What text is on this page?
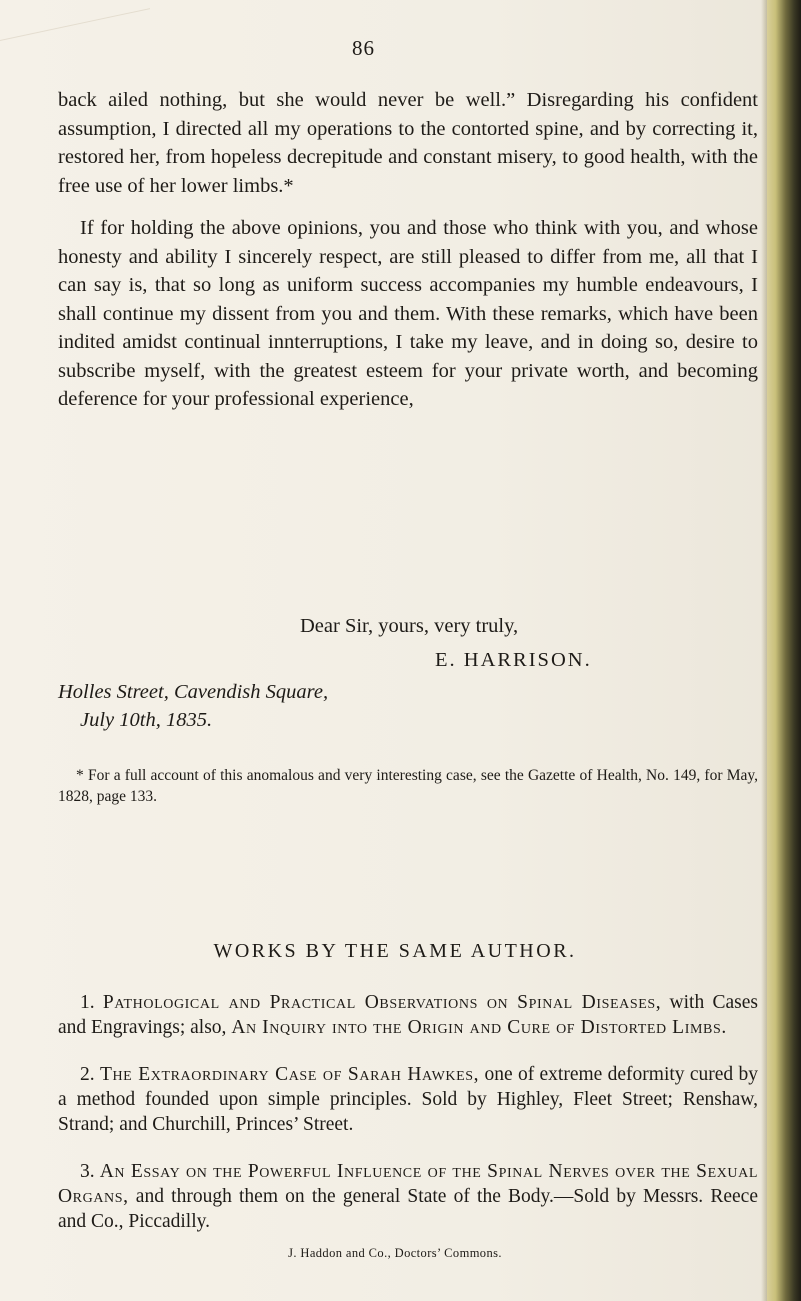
86

back ailed nothing, but she would never be well.” Disregarding his confident assumption, I directed all my operations to the contorted spine, and by correcting it, restored her, from hopeless decrepitude and constant misery, to good health, with the free use of her lower limbs.*

If for holding the above opinions, you and those who think with you, and whose honesty and ability I sincerely respect, are still pleased to differ from me, all that I can say is, that so long as uniform success accompanies my humble endeavours, I shall continue my dissent from you and them. With these remarks, which have been indited amidst continual innterruptions, I take my leave, and in doing so, desire to subscribe myself, with the greatest esteem for your private worth, and becoming deference for your professional experience,

Dear Sir, yours, very truly,
E. HARRISON.
Holles Street, Cavendish Square,
July 10th, 1835.
* For a full account of this anomalous and very interesting case, see the Gazette of Health, No. 149, for May, 1828, page 133.
WORKS BY THE SAME AUTHOR.

1. Pathological and Practical Observations on Spinal Diseases, with Cases and Engravings; also, An Inquiry into the Origin and Cure of Distorted Limbs.

2. The Extraordinary Case of Sarah Hawkes, one of extreme deformity cured by a method founded upon simple principles. Sold by Highley, Fleet Street; Renshaw, Strand; and Churchill, Princes’ Street.

3. An Essay on the Powerful Influence of the Spinal Nerves over the Sexual Organs, and through them on the general State of the Body.—Sold by Messrs. Reece and Co., Piccadilly.

J. Haddon and Co., Doctors’ Commons.
